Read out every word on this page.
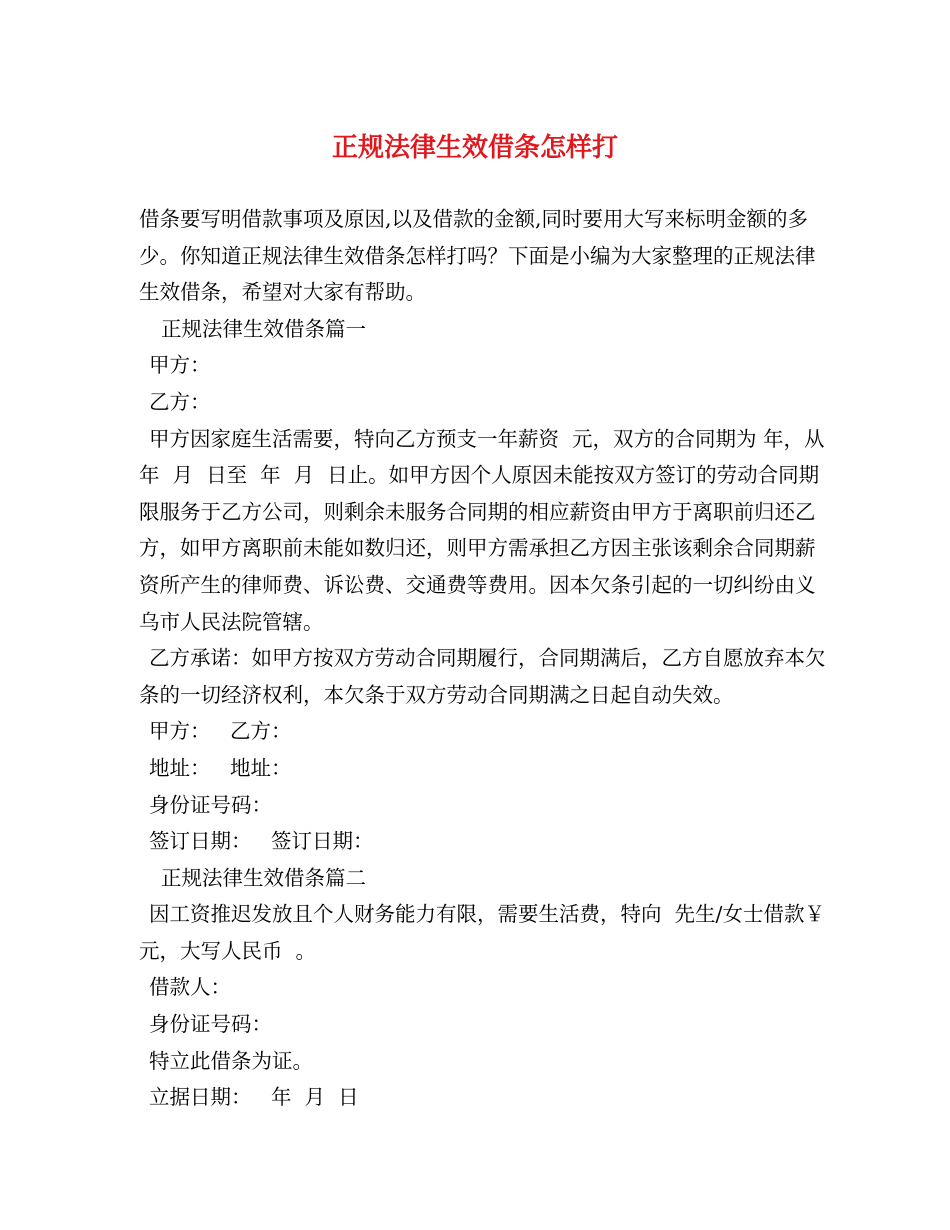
正规法律生效借条怎样打

借条要写明借款事项及原因,以及借款的金额,同时要用大写来标明金额的多少。你知道正规法律生效借条怎样打吗？下面是小编为大家整理的正规法律生效借条，希望对大家有帮助。

正规法律生效借条篇一

甲方：

乙方：

甲方因家庭生活需要，特向乙方预支一年薪资  元，双方的合同期为 年，从  年  月  日至  年  月  日止。如甲方因个人原因未能按双方签订的劳动合同期限服务于乙方公司，则剩余未服务合同期的相应薪资由甲方于离职前归还乙方，如甲方离职前未能如数归还，则甲方需承担乙方因主张该剩余合同期薪资所产生的律师费、诉讼费、交通费等费用。因本欠条引起的一切纠纷由义乌市人民法院管辖。

乙方承诺：如甲方按双方劳动合同期履行，合同期满后，乙方自愿放弃本欠条的一切经济权利，本欠条于双方劳动合同期满之日起自动失效。

甲方：   乙方：

地址：   地址：

身份证号码：

签订日期：   签订日期：

正规法律生效借条篇二

因工资推迟发放且个人财务能力有限，需要生活费，特向  先生/女士借款￥  元，大写人民币  。

借款人：

身份证号码：

特立此借条为证。

立据日期：   年  月  日
